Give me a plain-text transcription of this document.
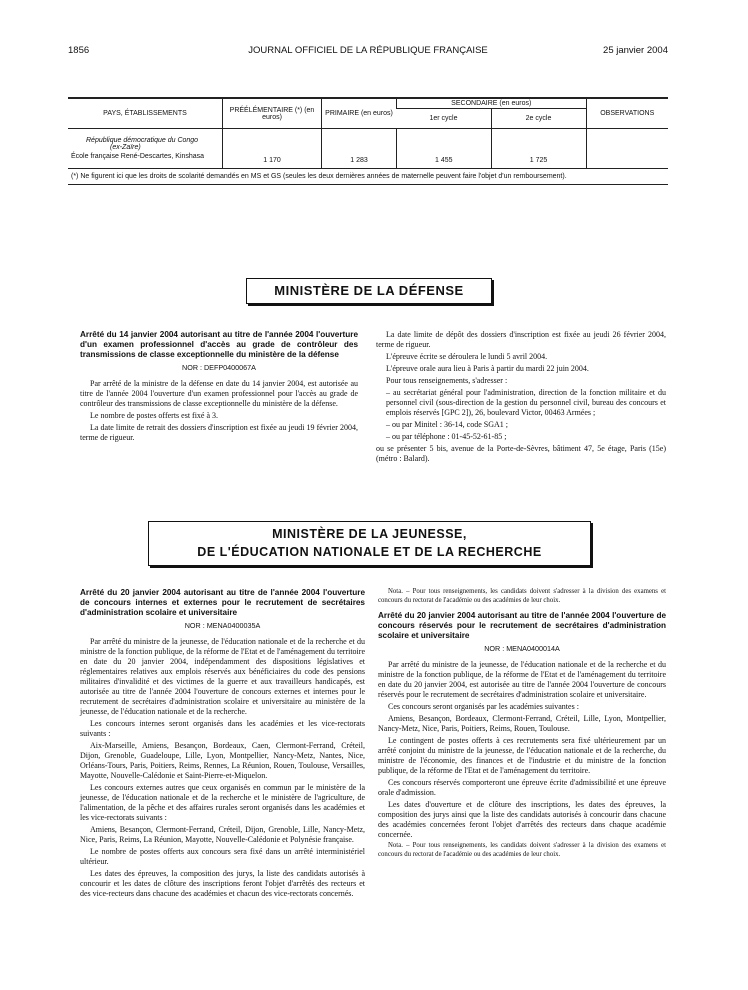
1856	JOURNAL OFFICIEL DE LA RÉPUBLIQUE FRANÇAISE	25 janvier 2004
PAYS, ÉTABLISSEMENTS	PRÉÉLÉMENTAIRE (*) (en euros)	PRIMAIRE (en euros)	SECONDAIRE (en euros)		OBSERVATIONS
			1er cycle	2e cycle	
République démocratique du Congo
(ex-Zaïre)					
École française René-Descartes, Kinshasa	1 170	1 283	1 455	1 725	
(*) Ne figurent ici que les droits de scolarité demandés en MS et GS (seules les deux dernières années de maternelle peuvent faire l'objet d'un remboursement).					
MINISTÈRE DE LA DÉFENSE

Arrêté du 14 janvier 2004 autorisant au titre de l'année 2004 l'ouverture d'un examen professionnel d'accès au grade de contrôleur des transmissions de classe exceptionnelle du ministère de la défense

NOR : DEFP0400067A

Par arrêté de la ministre de la défense en date du 14 janvier 2004, est autorisée au titre de l'année 2004 l'ouverture d'un examen professionnel pour l'accès au grade de contrôleur des transmissions de classe exceptionnelle du ministère de la défense.

Le nombre de postes offerts est fixé à 3.

La date limite de retrait des dossiers d'inscription est fixée au jeudi 19 février 2004, terme de rigueur.

La date limite de dépôt des dossiers d'inscription est fixée au jeudi 26 février 2004, terme de rigueur.

L'épreuve écrite se déroulera le lundi 5 avril 2004.

L'épreuve orale aura lieu à Paris à partir du mardi 22 juin 2004.

Pour tous renseignements, s'adresser :

– au secrétariat général pour l'administration, direction de la fonction militaire et du personnel civil (sous-direction de la gestion du personnel civil, bureau des concours et emplois réservés [GPC 2]), 26, boulevard Victor, 00463 Armées ;

– ou par Minitel : 36-14, code SGA1 ;

– ou par téléphone : 01-45-52-61-85 ;

ou se présenter 5 bis, avenue de la Porte-de-Sèvres, bâtiment 47, 5e étage, Paris (15e) (métro : Balard).

MINISTÈRE DE LA JEUNESSE,
DE L'ÉDUCATION NATIONALE ET DE LA RECHERCHE

Arrêté du 20 janvier 2004 autorisant au titre de l'année 2004 l'ouverture de concours internes et externes pour le recrutement de secrétaires d'administration scolaire et universitaire

NOR : MENA0400035A

Par arrêté du ministre de la jeunesse, de l'éducation nationale et de la recherche et du ministre de la fonction publique, de la réforme de l'Etat et de l'aménagement du territoire en date du 20 janvier 2004, indépendamment des dispositions législatives et réglementaires relatives aux emplois réservés aux bénéficiaires du code des pensions militaires d'invalidité et des victimes de la guerre et aux travailleurs handicapés, est autorisée au titre de l'année 2004 l'ouverture de concours externes et internes pour le recrutement de secrétaires d'administration scolaire et universitaire au ministère de la jeunesse, de l'éducation nationale et de la recherche.

Les concours internes seront organisés dans les académies et les vice-rectorats suivants :

Aix-Marseille, Amiens, Besançon, Bordeaux, Caen, Clermont-Ferrand, Créteil, Dijon, Grenoble, Guadeloupe, Lille, Lyon, Montpellier, Nancy-Metz, Nantes, Nice, Orléans-Tours, Paris, Poitiers, Reims, Rennes, La Réunion, Rouen, Toulouse, Versailles, Mayotte, Nouvelle-Calédonie et Saint-Pierre-et-Miquelon.

Les concours externes autres que ceux organisés en commun par le ministère de la jeunesse, de l'éducation nationale et de la recherche et le ministère de l'agriculture, de l'alimentation, de la pêche et des affaires rurales seront organisés dans les académies et les vice-rectorats suivants :

Amiens, Besançon, Clermont-Ferrand, Créteil, Dijon, Grenoble, Lille, Nancy-Metz, Nice, Paris, Reims, La Réunion, Mayotte, Nouvelle-Calédonie et Polynésie française.

Le nombre de postes offerts aux concours sera fixé dans un arrêté interministériel ultérieur.

Les dates des épreuves, la composition des jurys, la liste des candidats autorisés à concourir et les dates de clôture des inscriptions feront l'objet d'arrêtés des recteurs et des vice-recteurs dans chacune des académies et chacun des vice-rectorats concernés.

Nota. – Pour tous renseignements, les candidats doivent s'adresser à la division des examens et concours du rectorat de l'académie ou des académies de leur choix.

Arrêté du 20 janvier 2004 autorisant au titre de l'année 2004 l'ouverture de concours réservés pour le recrutement de secrétaires d'administration scolaire et universitaire

NOR : MENA0400014A

Par arrêté du ministre de la jeunesse, de l'éducation nationale et de la recherche et du ministre de la fonction publique, de la réforme de l'Etat et de l'aménagement du territoire en date du 20 janvier 2004, est autorisée au titre de l'année 2004 l'ouverture de concours réservés pour le recrutement de secrétaires d'administration scolaire et universitaire.

Ces concours seront organisés par les académies suivantes :

Amiens, Besançon, Bordeaux, Clermont-Ferrand, Créteil, Lille, Lyon, Montpellier, Nancy-Metz, Nice, Paris, Poitiers, Reims, Rouen, Toulouse.

Le contingent de postes offerts à ces recrutements sera fixé ultérieurement par un arrêté conjoint du ministre de la jeunesse, de l'éducation nationale et de la recherche, du ministre de l'économie, des finances et de l'industrie et du ministre de la fonction publique, de la réforme de l'Etat et de l'aménagement du territoire.

Ces concours réservés comporteront une épreuve écrite d'admissibilité et une épreuve orale d'admission.

Les dates d'ouverture et de clôture des inscriptions, les dates des épreuves, la composition des jurys ainsi que la liste des candidats autorisés à concourir dans chacune des académies concernées feront l'objet d'arrêtés des recteurs dans chaque académie concernée.

Nota. – Pour tous renseignements, les candidats doivent s'adresser à la division des examens et concours du rectorat de l'académie ou des académies de leur choix.
